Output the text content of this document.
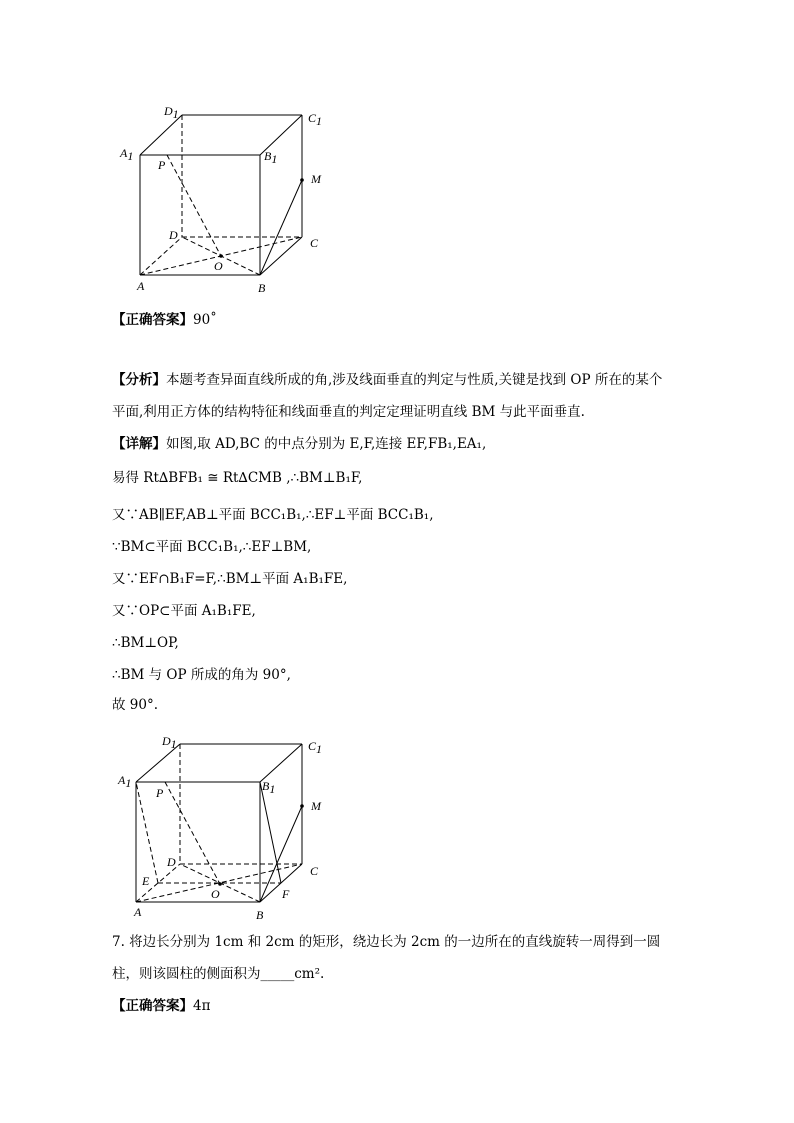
D1	C1
A1	B1
P
M
D
C
O
A	B
【正确答案】90˚
【分析】本题考查异面直线所成的角,涉及线面垂直的判定与性质,关键是找到 OP 所在的某个
平面,利用正方体的结构特征和线面垂直的判定定理证明直线 BM 与此平面垂直.
【详解】如图,取 AD,BC 的中点分别为 E,F,连接 EF,FB₁,EA₁,
易得 Rt∆BFB₁ ≅ Rt∆CMB ,∴BM⊥B₁F,
又∵AB∥EF,AB⊥平面 BCC₁B₁,∴EF⊥平面 BCC₁B₁,
∵BM⊂平面 BCC₁B₁,∴EF⊥BM,
又∵EF∩B₁F=F,∴BM⊥平面 A₁B₁FE,
又∵OP⊂平面 A₁B₁FE,
∴BM⊥OP,
∴BM 与 OP 所成的角为 90°,
故 90°.
D1	C1
A1	B1
P
M
D
C
E
O	F
A	B
7. 将边长分别为 1cm 和 2cm 的矩形，绕边长为 2cm 的一边所在的直线旋转一周得到一圆
柱，则该圆柱的侧面积为_____cm².
【正确答案】4π
